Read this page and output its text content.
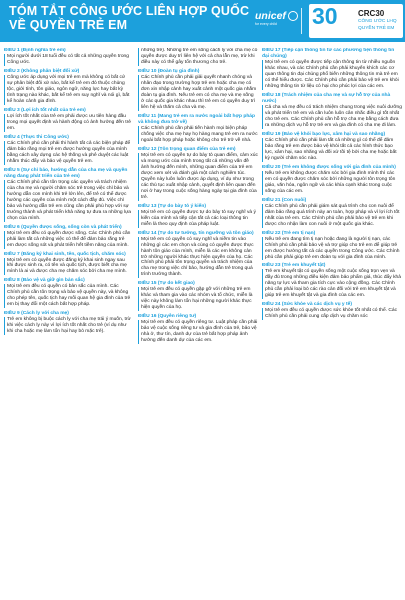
TÓM TẮT CÔNG ƯỚC LIÊN HỢP QUỐC
VỀ QUYỀN TRẺ EM
unicef
for every child	30	CRC30
CÔNG ƯỚC LHQ
QUYỀN TRẺ EM
ĐIỀU 1 (Định nghĩa trẻ em)

Mọi người dưới 18 tuổi đều có tất cả những quyền trong Công ước.

ĐIỀU 2 (Không phân biệt đối xử)

Công ước áp dụng với mọi trẻ em mà không có bất cứ sự phân biệt đối xử nào, bất kể trẻ em đó thuộc chủng tộc, giới tính, tôn giáo, ngôn ngữ, năng lực hay bất kỳ tình trạng nào khác, bất kể trẻ em suy nghĩ và nói gì, bất kể hoàn cảnh gia đình.

ĐIỀU 3 (Lợi ích tốt nhất của trẻ em)

Lợi ích tốt nhất của trẻ em phải được ưu tiên hàng đầu trong mọi quyết định và hành động có ảnh hưởng đến trẻ em.

ĐIỀU 4 (Thực thi Công ước)

Các Chính phủ cần phải thi hành tất cả các biện pháp để đảm bảo rằng mọi trẻ em được hưởng quyền của mình bằng cách xây dựng các hệ thống và phê duyệt các luật nhằm thúc đẩy và bảo vệ quyền trẻ em.

ĐIỀU 5 (Sự chỉ bảo, hướng dẫn của cha mẹ và quyền năng đang phát triển của trẻ em)

Các Chính phủ cần tôn trọng các quyền và trách nhiệm của cha mẹ và người chăm sóc trẻ trong việc chỉ bảo và hướng dẫn con mình khi trẻ lớn lên, để trẻ có thể được hưởng các quyền của mình một cách đầy đủ. Việc chỉ bảo và hướng dẫn trẻ em cũng cần phải phù hợp với sự trưởng thành và phát triển khả năng tự đưa ra những lựa chọn của mình.

ĐIỀU 6 (Quyền được sống, sống còn và phát triển)

Mọi trẻ em đều có quyền được sống. Các Chính phủ cần phải làm tất cả những việc có thể để đảm bảo rằng trẻ em được sống sót và phát triển hết tiềm năng của mình.

ĐIỀU 7 (Đăng ký khai sinh, tên, quốc tịch, chăm sóc)

Mọi trẻ em có quyền được đăng ký khai sinh ngay sau khi được sinh ra, có tên và quốc tịch, được biết cha mẹ mình là ai và được cha mẹ chăm sóc bởi cha mẹ mình.

ĐIỀU 8 (Bảo vệ và giữ gìn bản sắc)

Mọi trẻ em đều có quyền có bản sắc của mình. Các Chính phủ cần tôn trọng và bảo vệ quyền này, và không cho phép tên, quốc tịch hay mối quan hệ gia đình của trẻ em bị thay đổi một cách bất hợp pháp.

ĐIỀU 9 (Cách ly với cha mẹ)

Trẻ em không bị buộc cách ly với cha mẹ trái ý muốn, trừ khi việc cách ly này vì lợi ích tốt nhất cho trẻ (ví dụ như khi cha hoặc mẹ làm tổn hại hay bỏ mặc trẻ).

những trẻ). Những trẻ em sống cách ly với cha mẹ có quyền được duy trì liên hệ với cả cha lẫn mẹ, trừ khi điều này có thể gây tổn thương cho trẻ.

ĐIỀU 10 (Đoàn tụ gia đình)

Các Chính phủ cần phải giải quyết nhanh chóng và nhân đạo trong trường hợp trẻ em hoặc cha mẹ có đơn xin nhập cảnh hay xuất cảnh một quốc gia nhằm đoàn tụ gia đình. Nếu trẻ em có cha mẹ và mẹ sống ở các quốc gia khác nhau thì trẻ em có quyền duy trì liên hệ và thăm cả cha và mẹ.

ĐIỀU 11 (Mang trẻ em ra nước ngoài bất hợp pháp và không đưa trở về)

Các Chính phủ cần phải tiến hành mọi biện pháp chống việc cha mẹ hay họ hàng mang trẻ em ra nước ngoài bất hợp pháp hoặc không cho trẻ trở về nhà.

ĐIỀU 12 (Tôn trọng quan điểm của trẻ em)

Mọi trẻ em có quyền tự do bày tỏ quan điểm, cảm xúc và mong ước của mình trong tất cả những vấn đề ảnh hưởng đến mình, những quan điểm của trẻ em được xem xét và đánh giá một cách nghiêm túc. Quyền này luôn luôn được áp dụng, ví dụ như trong các thủ tục xuất nhập cảnh, quyết định liên quan đến nơi ở hay trong cuộc sống hàng ngày tại gia đình của trẻ.

ĐIỀU 13 (Tự do bày tỏ ý kiến)

Mọi trẻ em có quyền được tự do bày tỏ suy nghĩ và ý kiến của mình và tiếp cận tất cả các loại thông tin miễn là theo quy định của pháp luật.

ĐIỀU 14 (Tự do tư tưởng, tín ngưỡng và tôn giáo)

Mọi trẻ em có quyền có suy nghĩ và niềm tin vào những gì các em chọn và cùng có quyền được thực hành tôn giáo của mình, miễn là các em không cản trở những người khác thực hiện quyền của họ. Các Chính phủ phải tôn trọng quyền và trách nhiệm của cha mẹ trong việc chỉ bảo, hướng dẫn trẻ trong quá trình trưởng thành.

ĐIỀU 15 (Tự do kết giao)

Mọi trẻ em đều có quyền gặp gỡ với những trẻ em khác và tham gia vào các nhóm và tổ chức, miễn là việc này không làm tổn hại những người khác thực hiện quyền của họ.

ĐIỀU 16 (Quyền riêng tư)

Mọi trẻ em đều có quyền riêng tư. Luật pháp cần phải bảo vệ cuộc sống riêng tư và gia đình của trẻ, bảo vệ nhà ở, thư tín, danh dự của trẻ bất hợp pháp ảnh hưởng đến danh dự của các em.

ĐIỀU 17 (Tiếp cận thông tin từ các phương tiện thông tin đại chúng)

Mọi trẻ em có quyền được tiếp cận thông tin từ nhiều nguồn khác nhau, và các Chính phủ cần phải khuyến khích các cơ quan thông tin đại chúng phổ biến những thông tin mà trẻ em có thể hiểu được. Các Chính phủ cần phải bảo vệ trẻ em khỏi những thông tin từ liệu có hại cho phúc lợi của các em.

ĐIỀU 18 (Trách nhiệm của cha mẹ và sự hỗ trợ của nhà nước)

Cả cha và mẹ đều có trách nhiệm chung trong việc nuôi dưỡng và phát triển trẻ em và cần luôn luôn cân nhắc điều gì tốt nhất cho trẻ em. Các Chính phủ cần hỗ trợ cha mẹ bằng cách đưa ra những dịch vụ hỗ trợ trẻ em và gia đình có cha mẹ đi làm.

ĐIỀU 19 (Bảo vệ khỏi bạo lực, xâm hại và sao nhãng)

Các Chính phủ cần phải làm tất cả những gì có thể để đảm bảo rằng trẻ em được bảo vệ khỏi tất cả các hình thức bạo lực, xâm hại, sao nhãng và đối xử tồi tệ bởi cha mẹ hoặc bất kỳ người chăm sóc nào.

ĐIỀU 20 (Trẻ em không được sống với gia đình của mình)

Nếu trẻ em không được chăm sóc bởi gia đình mình thì các em có quyền được chăm sóc bởi những người tôn trọng tôn giáo, văn hóa, ngôn ngữ và các khía cạnh khác trong cuộc sống của các em.

ĐIỀU 21 (Con nuôi)

Các Chính phủ cần phải giám sát quá trình cho con nuôi để đảm bảo rằng quá trình này an toàn, hợp pháp và vì lợi ích tốt nhất của trẻ em. Các Chính phủ cần phải bảo vệ trẻ em khi được cho nhận làm con nuôi ở một quốc gia khác.

ĐIỀU 22 (Trẻ em tị nạn)

Nếu trẻ em đang tìm tị nạn hoặc đang là người tị nạn, các Chính phủ cần phải bảo vệ và trợ giúp cho trẻ em để giúp trẻ em được hưởng tất cả các quyền trong Công ước. Các Chính phủ cần phải giúp trẻ em đoàn tụ với gia đình của mình.

ĐIỀU 23 (Trẻ em khuyết tật)

Trẻ em khuyết tật có quyền sống một cuộc sống trọn vẹn và đầy đủ trong những điều kiện đảm bảo phẩm giá, thúc đẩy khả năng tự lực và tham gia tích cực vào cộng đồng. Các Chính phủ cần phải loại bỏ các rào cản đối với trẻ em khuyết tật và giúp trẻ em khuyết tật và gia đình của các em.

ĐIỀU 24 (Sức khỏe và các dịch vụ y tế)

Mọi trẻ em đều có quyền được sức khỏe tốt nhất có thể. Các Chính phủ cần phải cung cấp dịch vụ chăm sóc
